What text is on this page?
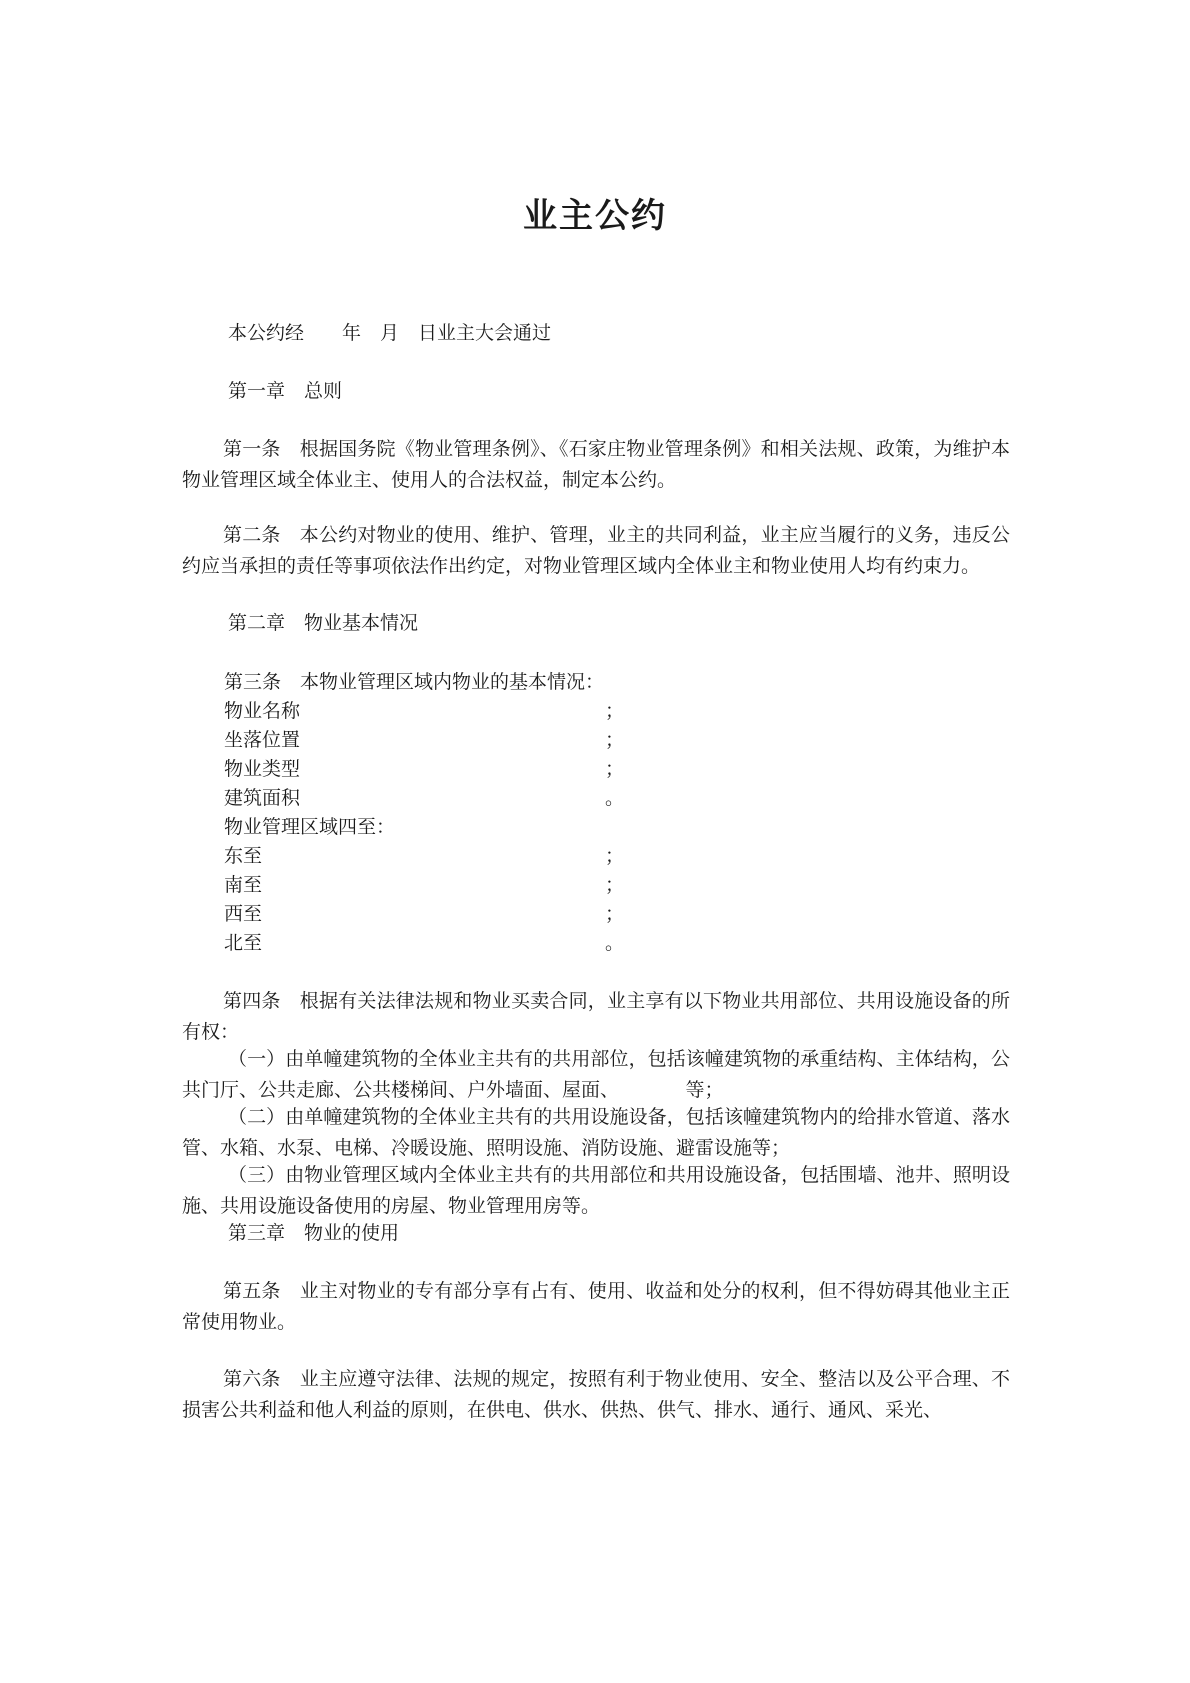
业主公约
本公约经　　年　月　日业主大会通过
第一章　总则
第一条　根据国务院《物业管理条例》、《石家庄物业管理条例》和相关法规、政策，为维护本物业管理区域全体业主、使用人的合法权益，制定本公约。
第二条　本公约对物业的使用、维护、管理，业主的共同利益，业主应当履行的义务，违反公约应当承担的责任等事项依法作出约定，对物业管理区域内全体业主和物业使用人均有约束力。
第二章　物业基本情况
第三条　本物业管理区域内物业的基本情况：
物业名称	；
坐落位置	；
物业类型	；
建筑面积	。
物业管理区域四至：
东至	；
南至	；
西至	；
北至	。
第四条　根据有关法律法规和物业买卖合同，业主享有以下物业共用部位、共用设施设备的所有权：
（一）由单幢建筑物的全体业主共有的共用部位，包括该幢建筑物的承重结构、主体结构，公共门厅、公共走廊、公共楼梯间、户外墙面、屋面、　　　　等；
（二）由单幢建筑物的全体业主共有的共用设施设备，包括该幢建筑物内的给排水管道、落水管、水箱、水泵、电梯、冷暖设施、照明设施、消防设施、避雷设施等；
（三）由物业管理区域内全体业主共有的共用部位和共用设施设备，包括围墙、池井、照明设施、共用设施设备使用的房屋、物业管理用房等。
第三章　物业的使用
第五条　业主对物业的专有部分享有占有、使用、收益和处分的权利，但不得妨碍其他业主正常使用物业。
第六条　业主应遵守法律、法规的规定，按照有利于物业使用、安全、整洁以及公平合理、不损害公共利益和他人利益的原则，在供电、供水、供热、供气、排水、通行、通风、采光、
